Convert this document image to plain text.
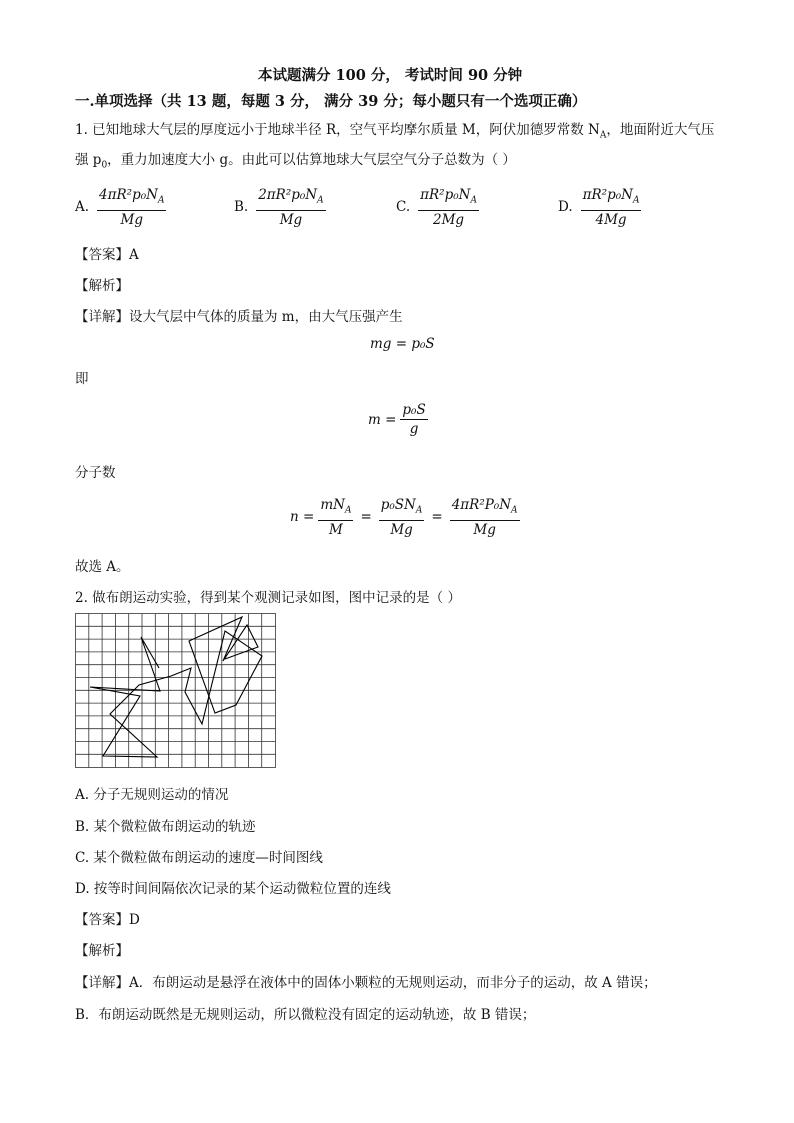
本试题满分 100 分， 考试时间 90 分钟
一.单项选择（共 13 题，每题 3 分， 满分 39 分；每小题只有一个选项正确）
1. 已知地球大气层的厚度远小于地球半径 R，空气平均摩尔质量 M，阿伏加德罗常数 $N_A$，地面附近大气压
强 $p_0$，重力加速度大小 g。由此可以估算地球大气层空气分子总数为（ ）
A. $\frac{4\pi R^2p_0N_A}{Mg}$	B. $\frac{2\pi R^2p_0N_A}{Mg}$	C. $\frac{\pi R^2p_0N_A}{2Mg}$	D. $\frac{\pi R^2p_0N_A}{4Mg}$
【答案】A
【解析】
【详解】设大气层中气体的质量为 m，由大气压强产生
mg = p₀S
即
$m = \frac{\text{p₀S}}{g}$
分子数
$n = \frac{mN_A}{M} = \frac{p_0SN_A}{Mg} = \frac{4\pi R^2P_0N_A}{Mg}$
故选 A。
2. 做布朗运动实验，得到某个观测记录如图，图中记录的是（ ）
A. 分子无规则运动的情况
B. 某个微粒做布朗运动的轨迹
C. 某个微粒做布朗运动的速度—时间图线
D. 按等时间间隔依次记录的某个运动微粒位置的连线
【答案】D
【解析】
【详解】A．布朗运动是悬浮在液体中的固体小颗粒的无规则运动，而非分子的运动，故 A 错误；
B．布朗运动既然是无规则运动，所以微粒没有固定的运动轨迹，故 B 错误；
